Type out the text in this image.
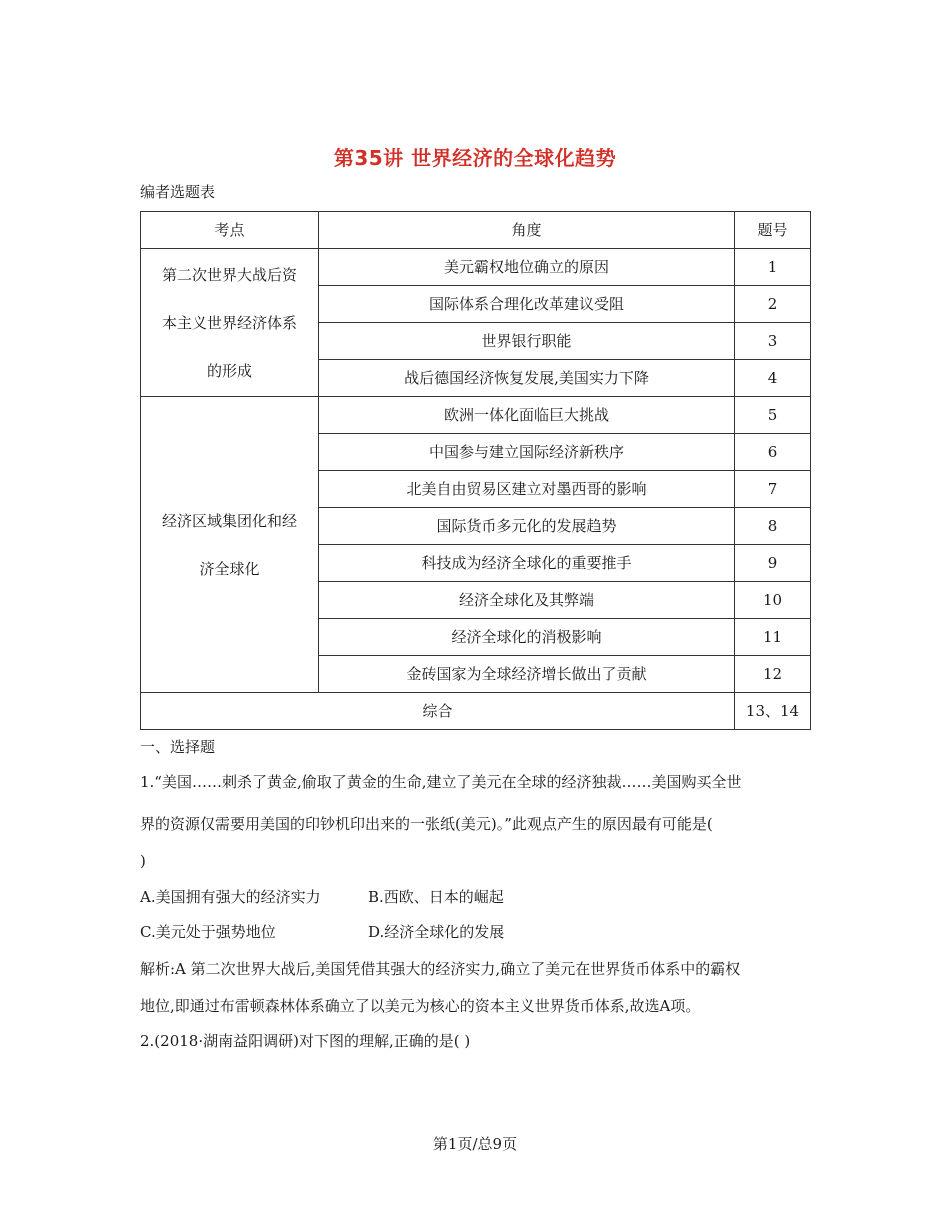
第35讲 世界经济的全球化趋势
编者选题表
考点	角度	题号
第二次世界大战后资
本主义世界经济体系
的形成	美元霸权地位确立的原因	1
	国际体系合理化改革建议受阻	2
	世界银行职能	3
	战后德国经济恢复发展,美国实力下降	4
经济区域集团化和经
济全球化	欧洲一体化面临巨大挑战	5
	中国参与建立国际经济新秩序	6
	北美自由贸易区建立对墨西哥的影响	7
	国际货币多元化的发展趋势	8
	科技成为经济全球化的重要推手	9
	经济全球化及其弊端	10
	经济全球化的消极影响	11
	金砖国家为全球经济增长做出了贡献	12
综合		13、14
一、选择题
1.“美国……刺杀了黄金,偷取了黄金的生命,建立了美元在全球的经济独裁……美国购买全世
界的资源仅需要用美国的印钞机印出来的一张纸(美元)。”此观点产生的原因最有可能是(
)
A.美国拥有强大的经济实力	B.西欧、日本的崛起
C.美元处于强势地位	D.经济全球化的发展
解析:A 第二次世界大战后,美国凭借其强大的经济实力,确立了美元在世界货币体系中的霸权
地位,即通过布雷顿森林体系确立了以美元为核心的资本主义世界货币体系,故选A项。
2.(2018·湖南益阳调研)对下图的理解,正确的是( )
第1页/总9页
